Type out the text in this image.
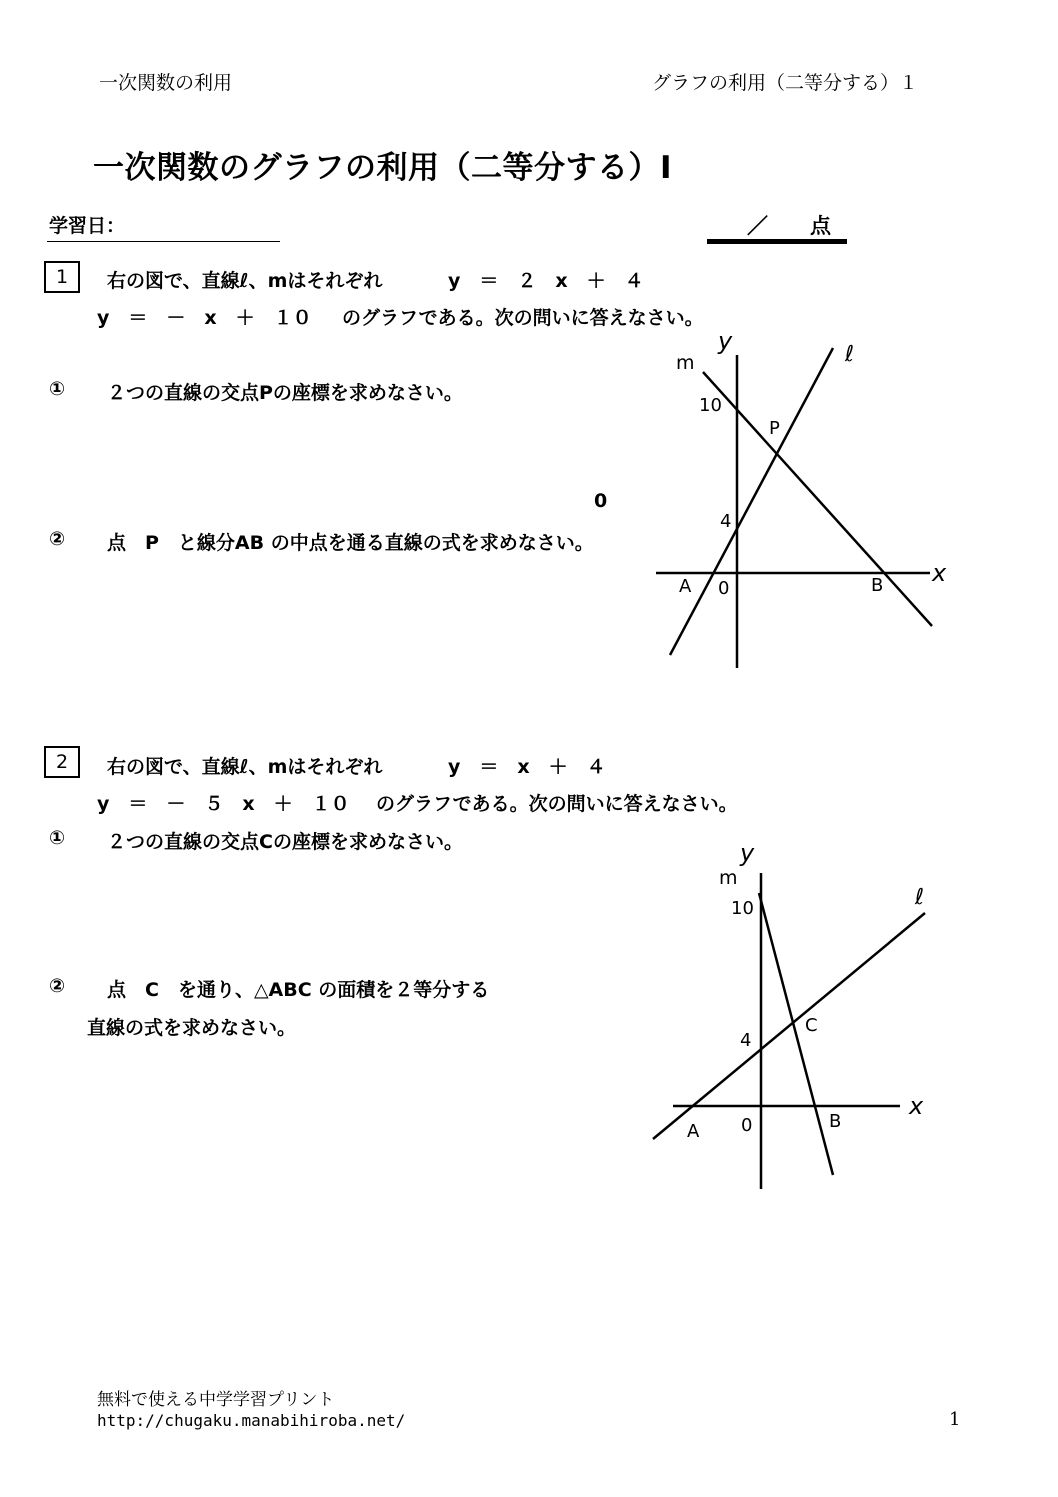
一次関数の利用	グラフの利用（二等分する）１
一次関数のグラフの利用（二等分する）Ⅰ
学習日：	／　　点
1 右の図で、直線ℓ、mはそれぞれ	y　＝　２　x　＋　４
y　＝　－　x　＋　１０ のグラフである。次の問いに答えなさい。
① ２つの直線の交点Pの座標を求めなさい。
0
② 点　P　と線分AB の中点を通る直線の式を求めなさい。
y
x
ℓ
m
10
P
4
A 0	B
2 右の図で、直線ℓ、mはそれぞれ	y　＝　x　＋　４
y　＝　－　５　x　＋　１０ のグラフである。次の問いに答えなさい。
① ２つの直線の交点Cの座標を求めなさい。
② 点　C　を通り、△ABC の面積を２等分する
直線の式を求めなさい。
y
x
ℓ
m
10
C
4
A 0	B
無料で使える中学学習プリント
http://chugaku.manabihiroba.net/	1
